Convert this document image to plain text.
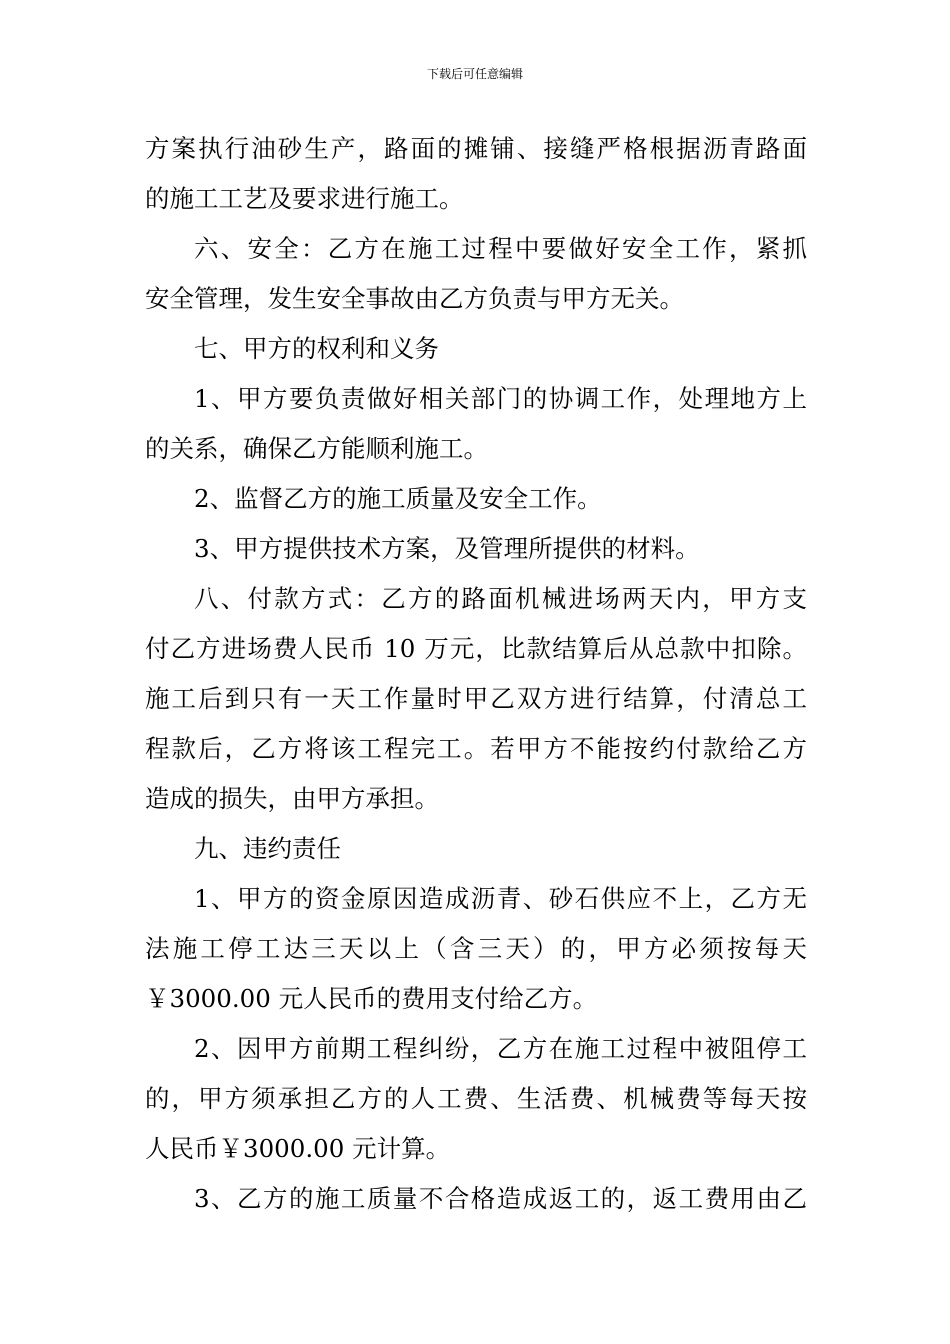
下载后可任意编辑
方案执行油砂生产，路面的摊铺、接缝严格根据沥青路面
的施工工艺及要求进行施工。
六、安全：乙方在施工过程中要做好安全工作，紧抓
安全管理，发生安全事故由乙方负责与甲方无关。
七、甲方的权利和义务
1、甲方要负责做好相关部门的协调工作，处理地方上
的关系，确保乙方能顺利施工。
2、监督乙方的施工质量及安全工作。
3、甲方提供技术方案，及管理所提供的材料。
八、付款方式：乙方的路面机械进场两天内，甲方支
付乙方进场费人民币 10 万元，比款结算后从总款中扣除。
施工后到只有一天工作量时甲乙双方进行结算，付清总工
程款后，乙方将该工程完工。若甲方不能按约付款给乙方
造成的损失，由甲方承担。
九、违约责任
1、甲方的资金原因造成沥青、砂石供应不上，乙方无
法施工停工达三天以上（含三天）的，甲方必须按每天
￥3000.00 元人民币的费用支付给乙方。
2、因甲方前期工程纠纷，乙方在施工过程中被阻停工
的，甲方须承担乙方的人工费、生活费、机械费等每天按
人民币￥3000.00 元计算。
3、乙方的施工质量不合格造成返工的，返工费用由乙
